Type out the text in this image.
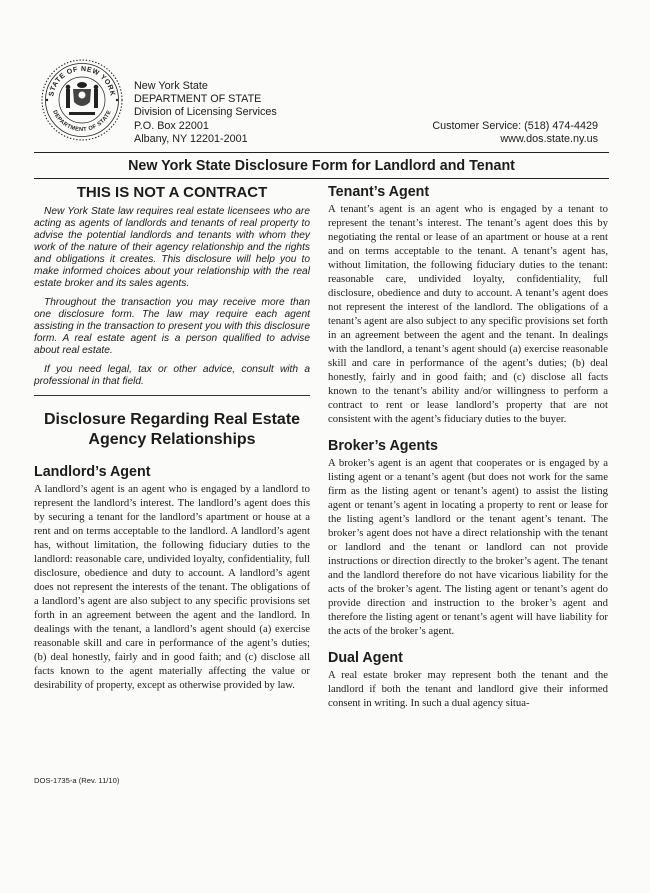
STATE OF NEW YORK
DEPARTMENT OF STATE
New York State
DEPARTMENT OF STATE
Division of Licensing Services
P.O. Box 22001
Albany, NY 12201-2001
Customer Service: (518) 474-4429
www.dos.state.ny.us
New York State Disclosure Form for Landlord and Tenant
THIS IS NOT A CONTRACT

New York State law requires real estate licensees who are acting as agents of landlords and tenants of real property to advise the potential landlords and tenants with whom they work of the nature of their agency relationship and the rights and obligations it creates. This disclosure will help you to make informed choices about your relationship with the real estate broker and its sales agents.

Throughout the transaction you may receive more than one disclosure form. The law may require each agent assisting in the transaction to present you with this disclosure form. A real estate agent is a person qualified to advise about real estate.

If you need legal, tax or other advice, consult with a professional in that field.

Disclosure Regarding Real Estate Agency Relationships
Landlord’s Agent

A landlord’s agent is an agent who is engaged by a landlord to represent the landlord’s interest. The landlord’s agent does this by securing a tenant for the landlord’s apartment or house at a rent and on terms acceptable to the landlord. A landlord’s agent has, without limitation, the following fiduciary duties to the landlord: reasonable care, undivided loyalty, confidentiality, full disclosure, obedience and duty to account. A landlord’s agent does not represent the interests of the tenant. The obligations of a landlord’s agent are also subject to any specific provisions set forth in an agreement between the agent and the landlord. In dealings with the tenant, a landlord’s agent should (a) exercise reasonable skill and care in performance of the agent’s duties; (b) deal honestly, fairly and in good faith; and (c) disclose all facts known to the agent materially affecting the value or desirability of property, except as otherwise provided by law.

Tenant’s Agent

A tenant’s agent is an agent who is engaged by a tenant to represent the tenant’s interest. The tenant’s agent does this by negotiating the rental or lease of an apartment or house at a rent and on terms acceptable to the tenant. A tenant’s agent has, without limitation, the following fiduciary duties to the tenant: reasonable care, undivided loyalty, confidentiality, full disclosure, obedience and duty to account. A tenant’s agent does not represent the interest of the landlord. The obligations of a tenant’s agent are also subject to any specific provisions set forth in an agreement between the agent and the tenant. In dealings with the landlord, a tenant’s agent should (a) exercise reasonable skill and care in performance of the agent’s duties; (b) deal honestly, fairly and in good faith; and (c) disclose all facts known to the tenant’s ability and/or willingness to perform a contract to rent or lease landlord’s property that are not consistent with the agent’s fiduciary duties to the buyer.

Broker’s Agents

A broker’s agent is an agent that cooperates or is engaged by a listing agent or a tenant’s agent (but does not work for the same firm as the listing agent or tenant’s agent) to assist the listing agent or tenant’s agent in locating a property to rent or lease for the listing agent’s landlord or the tenant agent’s tenant. The broker’s agent does not have a direct relationship with the tenant or landlord and the tenant or landlord can not provide instructions or direction directly to the broker’s agent. The tenant and the landlord therefore do not have vicarious liability for the acts of the broker’s agent. The listing agent or tenant’s agent do provide direction and instruction to the broker’s agent and therefore the listing agent or tenant’s agent will have liability for the acts of the broker’s agent.

Dual Agent

A real estate broker may represent both the tenant and the landlord if both the tenant and landlord give their informed consent in writing. In such a dual agency situa-

DOS-1735-a (Rev. 11/10)
